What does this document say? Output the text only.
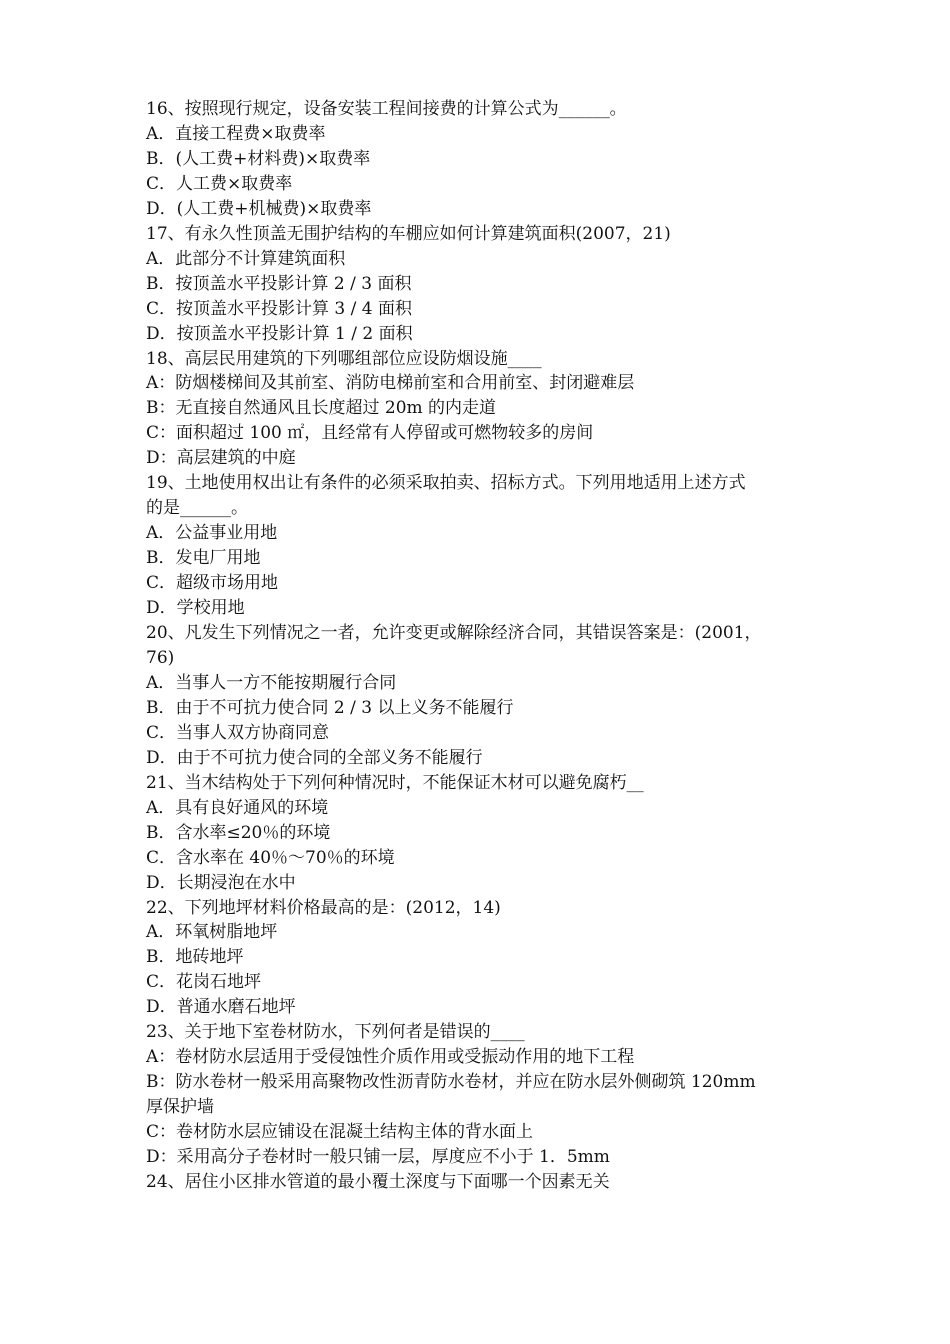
16、按照现行规定，设备安装工程间接费的计算公式为______。
A．直接工程费×取费率
B．(人工费+材料费)×取费率
C．人工费×取费率
D．(人工费+机械费)×取费率
17、有永久性顶盖无围护结构的车棚应如何计算建筑面积(2007，21)
A．此部分不计算建筑面积
B．按顶盖水平投影计算 2 / 3 面积
C．按顶盖水平投影计算 3 / 4 面积
D．按顶盖水平投影计算 1 / 2 面积
18、高层民用建筑的下列哪组部位应设防烟设施____
A：防烟楼梯间及其前室、消防电梯前室和合用前室、封闭避难层
B：无直接自然通风且长度超过 20m 的内走道
C：面积超过 100 ㎡，且经常有人停留或可燃物较多的房间
D：高层建筑的中庭
19、土地使用权出让有条件的必须采取拍卖、招标方式。下列用地适用上述方式
的是______。
A．公益事业用地
B．发电厂用地
C．超级市场用地
D．学校用地
20、凡发生下列情况之一者，允许变更或解除经济合同，其错误答案是：(2001，
76)
A．当事人一方不能按期履行合同
B．由于不可抗力使合同 2 / 3 以上义务不能履行
C．当事人双方协商同意
D．由于不可抗力使合同的全部义务不能履行
21、当木结构处于下列何种情况时，不能保证木材可以避免腐朽__
A．具有良好通风的环境
B．含水率≤20％的环境
C．含水率在 40％～70％的环境
D．长期浸泡在水中
22、下列地坪材料价格最高的是：(2012，14)
A．环氧树脂地坪
B．地砖地坪
C．花岗石地坪
D．普通水磨石地坪
23、关于地下室卷材防水，下列何者是错误的____
A：卷材防水层适用于受侵蚀性介质作用或受振动作用的地下工程
B：防水卷材一般采用高聚物改性沥青防水卷材，并应在防水层外侧砌筑 120mm
厚保护墙
C：卷材防水层应铺设在混凝土结构主体的背水面上
D：采用高分子卷材时一般只铺一层，厚度应不小于 1．5mm
24、居住小区排水管道的最小覆土深度与下面哪一个因素无关
